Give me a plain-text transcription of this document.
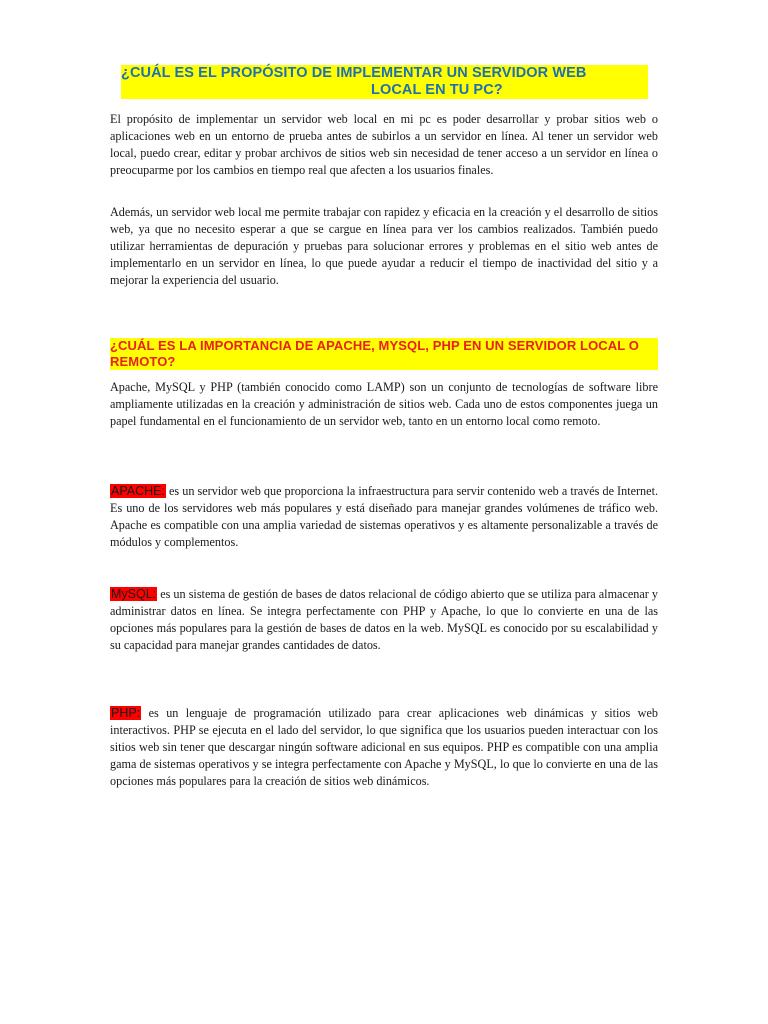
¿CUÁL ES EL PROPÓSITO DE IMPLEMENTAR UN SERVIDOR WEB
LOCAL EN TU PC?

El propósito de implementar un servidor web local en mi pc es poder desarrollar y probar sitios web o aplicaciones web en un entorno de prueba antes de subirlos a un servidor en línea. Al tener un servidor web local, puedo crear, editar y probar archivos de sitios web sin necesidad de tener acceso a un servidor en línea o preocuparme por los cambios en tiempo real que afecten a los usuarios finales.

Además, un servidor web local me permite trabajar con rapidez y eficacia en la creación y el desarrollo de sitios web, ya que no necesito esperar a que se cargue en línea para ver los cambios realizados. También puedo utilizar herramientas de depuración y pruebas para solucionar errores y problemas en el sitio web antes de implementarlo en un servidor en línea, lo que puede ayudar a reducir el tiempo de inactividad del sitio y a mejorar la experiencia del usuario.

¿CUÁL ES LA IMPORTANCIA DE APACHE, MYSQL, PHP EN UN SERVIDOR LOCAL O REMOTO?

Apache, MySQL y PHP (también conocido como LAMP) son un conjunto de tecnologías de software libre ampliamente utilizadas en la creación y administración de sitios web. Cada uno de estos componentes juega un papel fundamental en el funcionamiento de un servidor web, tanto en un entorno local como remoto.

APACHE: es un servidor web que proporciona la infraestructura para servir contenido web a través de Internet. Es uno de los servidores web más populares y está diseñado para manejar grandes volúmenes de tráfico web. Apache es compatible con una amplia variedad de sistemas operativos y es altamente personalizable a través de módulos y complementos.

MySQL: es un sistema de gestión de bases de datos relacional de código abierto que se utiliza para almacenar y administrar datos en línea. Se integra perfectamente con PHP y Apache, lo que lo convierte en una de las opciones más populares para la gestión de bases de datos en la web. MySQL es conocido por su escalabilidad y su capacidad para manejar grandes cantidades de datos.

PHP: es un lenguaje de programación utilizado para crear aplicaciones web dinámicas y sitios web interactivos. PHP se ejecuta en el lado del servidor, lo que significa que los usuarios pueden interactuar con los sitios web sin tener que descargar ningún software adicional en sus equipos. PHP es compatible con una amplia gama de sistemas operativos y se integra perfectamente con Apache y MySQL, lo que lo convierte en una de las opciones más populares para la creación de sitios web dinámicos.
